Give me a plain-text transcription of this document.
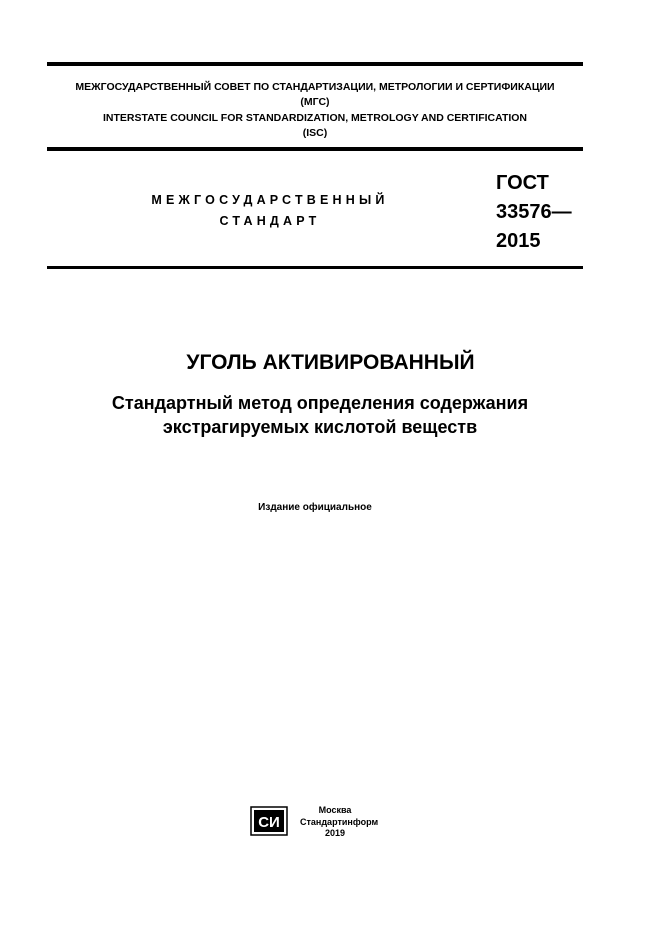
МЕЖГОСУДАРСТВЕННЫЙ СОВЕТ ПО СТАНДАРТИЗАЦИИ, МЕТРОЛОГИИ И СЕРТИФИКАЦИИ
(МГС)
INTERSTATE COUNCIL FOR STANDARDIZATION, METROLOGY AND CERTIFICATION
(ISC)
МЕЖГОСУДАРСТВЕННЫЙ
СТАНДАРТ
ГОСТ
33576—
2015
УГОЛЬ АКТИВИРОВАННЫЙ
Стандартный метод определения содержания
экстрагируемых кислотой веществ
Издание официальное
СИ
Москва
Стандартинформ
2019
